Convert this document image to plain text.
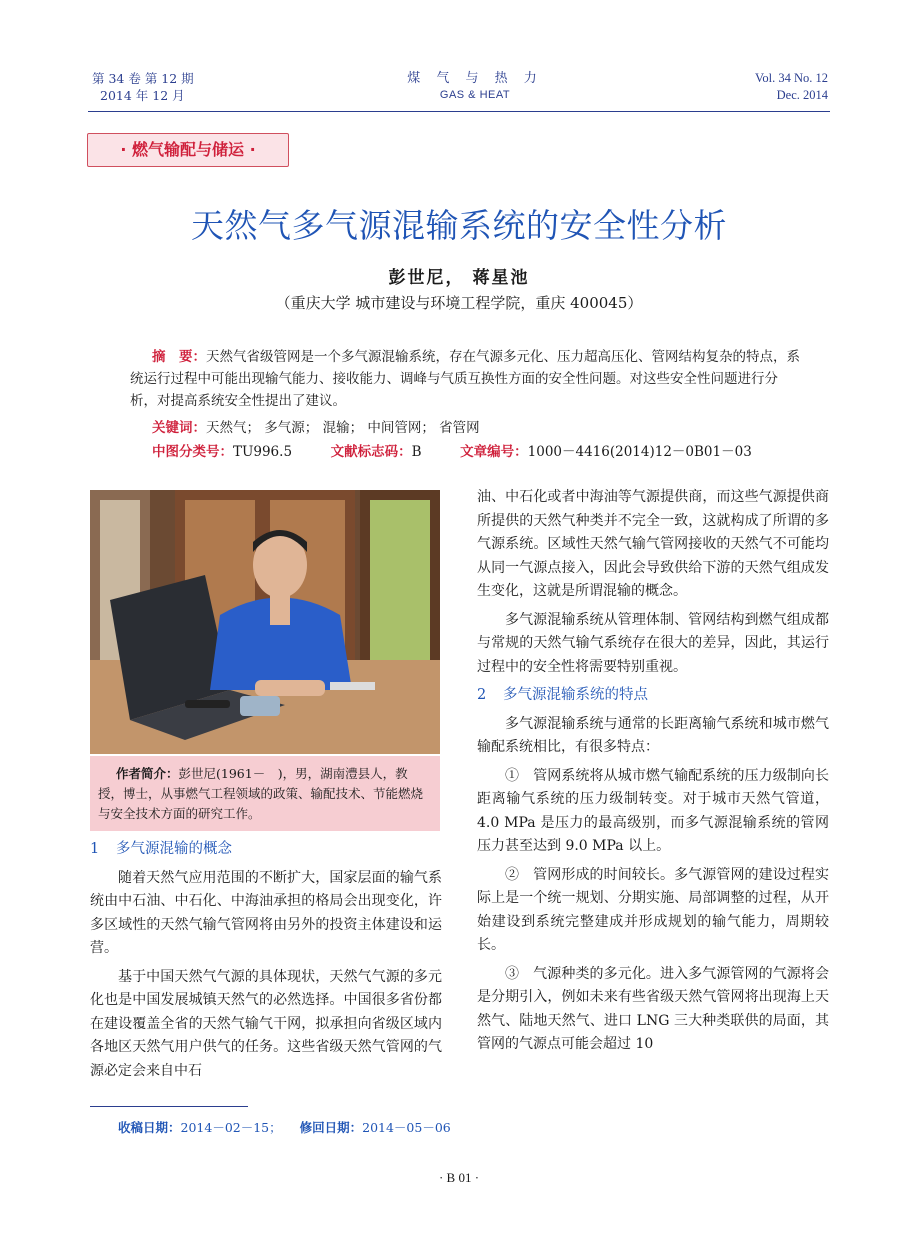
第 34 卷 第 12 期
2014 年 12 月
煤 气 与 热 力
GAS & HEAT
Vol. 34 No. 12
Dec. 2014
· 燃气输配与储运 ·
天然气多气源混输系统的安全性分析
彭世尼， 蒋星池
（重庆大学 城市建设与环境工程学院，重庆 400045）
摘　要：天然气省级管网是一个多气源混输系统，存在气源多元化、压力超高压化、管网结构复杂的特点，系统运行过程中可能出现输气能力、接收能力、调峰与气质互换性方面的安全性问题。对这些安全性问题进行分析，对提高系统安全性提出了建议。
关键词：天然气； 多气源； 混输； 中间管网； 省管网
中图分类号：TU996.5	文献标志码：B	文章编号：1000－4416(2014)12－0B01－03
作者简介：彭世尼(1961－　)，男，湖南澧县人，教授，博士，从事燃气工程领域的政策、输配技术、节能燃烧与安全技术方面的研究工作。
1 多气源混输的概念

随着天然气应用范围的不断扩大，国家层面的输气系统由中石油、中石化、中海油承担的格局会出现变化，许多区域性的天然气输气管网将由另外的投资主体建设和运营。

基于中国天然气气源的具体现状，天然气气源的多元化也是中国发展城镇天然气的必然选择。中国很多省份都在建设覆盖全省的天然气输气干网，拟承担向省级区域内各地区天然气用户供气的任务。这些省级天然气管网的气源必定会来自中石

油、中石化或者中海油等气源提供商，而这些气源提供商所提供的天然气种类并不完全一致，这就构成了所谓的多气源系统。区域性天然气输气管网接收的天然气不可能均从同一气源点接入，因此会导致供给下游的天然气组成发生变化，这就是所谓混输的概念。

多气源混输系统从管理体制、管网结构到燃气组成都与常规的天然气输气系统存在很大的差异，因此，其运行过程中的安全性将需要特别重视。

2 多气源混输系统的特点

多气源混输系统与通常的长距离输气系统和城市燃气输配系统相比，有很多特点：

①　管网系统将从城市燃气输配系统的压力级制向长距离输气系统的压力级制转变。对于城市天然气管道，4.0 MPa 是压力的最高级别，而多气源混输系统的管网压力甚至达到 9.0 MPa 以上。

②　管网形成的时间较长。多气源管网的建设过程实际上是一个统一规划、分期实施、局部调整的过程，从开始建设到系统完整建成并形成规划的输气能力，周期较长。

③　气源种类的多元化。进入多气源管网的气源将会是分期引入，例如未来有些省级天然气管网将出现海上天然气、陆地天然气、进口 LNG 三大种类联供的局面，其管网的气源点可能会超过 10

收稿日期：2014－02－15； 修回日期：2014－05－06
· B 01 ·
